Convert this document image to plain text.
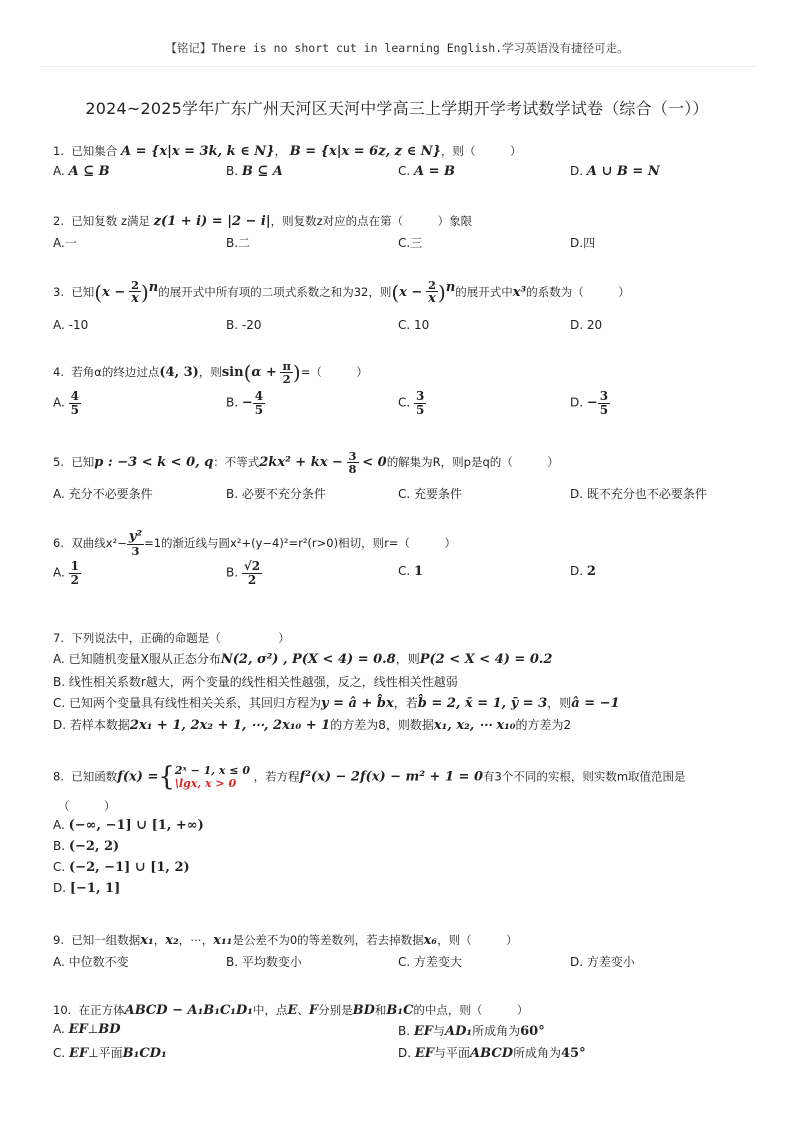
【铭记】There is no short cut in learning English.学习英语没有捷径可走。
2024~2025学年广东广州天河区天河中学高三上学期开学考试数学试卷（综合（一））
1. 已知集合 A = {x|x = 3k, k ∈ N}， B = {x|x = 6z, z ∈ N}，则（　　　）
A. A ⊆ B	B. B ⊆ A	C. A = B	D. A ∪ B = N
2. 已知复数 z满足 z(1 + i) = |2 − i|，则复数z对应的点在第（　　　）象限
A.一	B.二	C.三	D.四
3. 已知$(x - \frac{2}{x} )^n$的展开式中所有项的二项式系数之和为32，则$(x - \frac{2}{x} )^n$的展开式中x³的系数为（　　　）
A. -10	B. -20	C. 10	D. 20
4. 若角α的终边过点(4, 3)，则$\sin(\alpha + \frac{\pi}{2}$ )=（　　　）
A. $\frac{4}{5}$	B. − $\frac{4}{5}$	C. $\frac{3}{5}$	D. − $\frac{3}{5}$
5. 已知p : −3 < k < 0, q：不等式2kx² + kx − $\frac{3}{8} < 0$的解集为R，则p是q的（　　　）
A. 充分不必要条件	B. 必要不充分条件	C. 充要条件	D. 既不充分也不必要条件
6. 双曲线$x^2- \frac{\text{y²}}{3} =1$的渐近线与圆x²+(y−4)²=r²(r>0)相切，则r=（　　　）
A. $\frac{1}{2}$	B. $\frac{√2}{2}$	C. 1	D. 2
7. 下列说法中，正确的命题是（　　　　　）
A. 已知随机变量X服从正态分布N(2, σ²) , P(X < 4) = 0.8，则P(2 < X < 4) = 0.2
B. 线性相关系数r越大，两个变量的线性相关性越强，反之，线性相关性越弱
C. 已知两个变量具有线性相关关系，其回归方程为y = â + b̂x，若b̂ = 2, x̄ = 1, ȳ = 3，则â = −1
D. 若样本数据2x₁ + 1, 2x₂ + 1, ⋯, 2x₁₀ + 1的方差为8，则数据x₁, x₂, ⋯ x₁₀的方差为2
8. 已知函数f(x) ={ 2ˣ − 1, x ≤ 0
\lgx, x > 0	，若方程f²(x) − 2f(x) − m² + 1 = 0有3个不同的实根，则实数m取值范围是
（　　　）
A. (−∞, −1] ∪ [1, +∞)
B. (−2, 2)
C. (−2, −1] ∪ [1, 2)
D. [−1, 1]
9. 已知一组数据x₁，x₂，⋯，x₁₁是公差不为0的等差数列，若去掉数据x₆，则（　　　）
A. 中位数不变	B. 平均数变小	C. 方差变大	D. 方差变小
10. 在正方体ABCD − A₁B₁C₁D₁中，点E、F分别是BD和B₁C的中点，则（　　　）
A. EF⊥BD	B. EF与AD₁所成角为60°
C. EF⊥平面B₁CD₁	D. EF与平面ABCD所成角为45°
